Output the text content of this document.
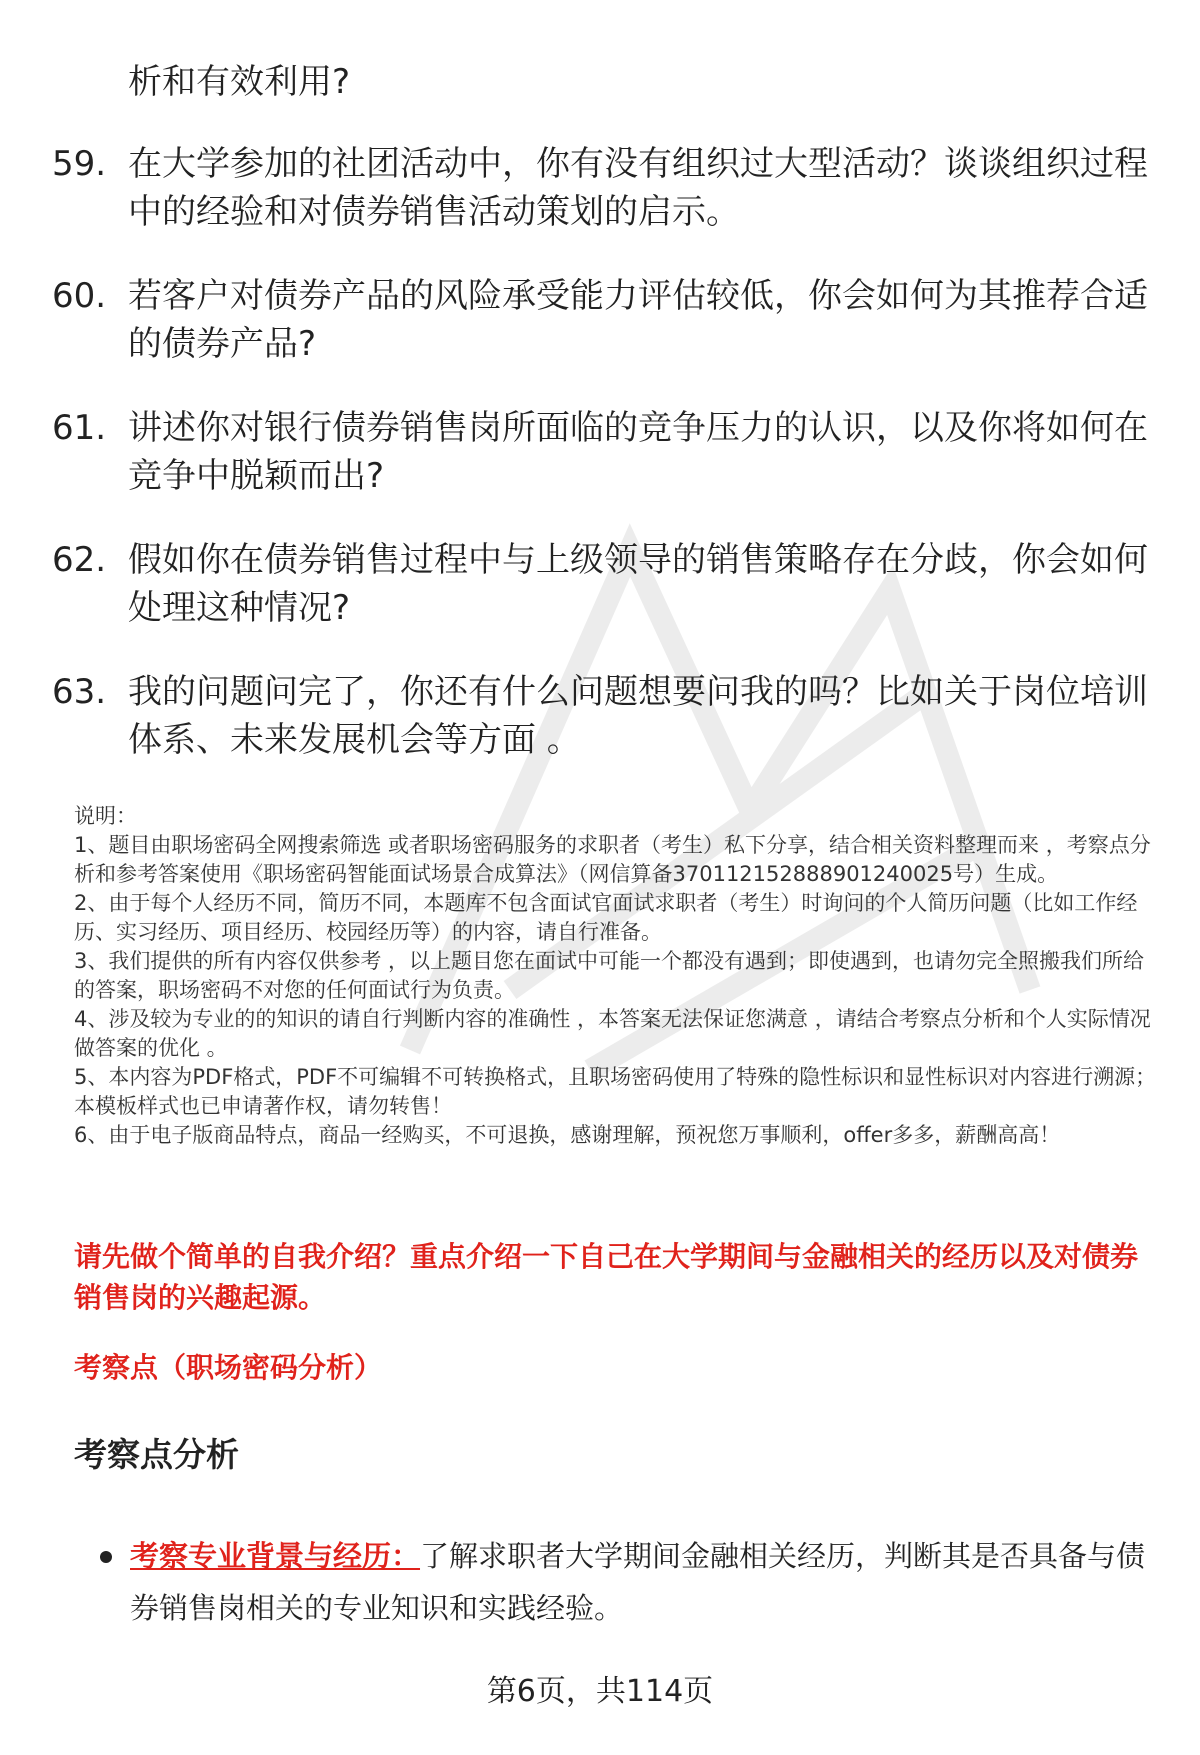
析和有效利用?

59. 在大学参加的社团活动中，你有没有组织过大型活动？谈谈组织过程中的经验和对债券销售活动策划的启示。

60. 若客户对债券产品的风险承受能力评估较低，你会如何为其推荐合适的债券产品?

61. 讲述你对银行债券销售岗所面临的竞争压力的认识，以及你将如何在竞争中脱颖而出?

62. 假如你在债券销售过程中与上级领导的销售策略存在分歧，你会如何处理这种情况?

63. 我的问题问完了，你还有什么问题想要问我的吗？比如关于岗位培训体系、未来发展机会等方面 。

说明：

1、题目由职场密码全网搜索筛选 或者职场密码服务的求职者（考生）私下分享，结合相关资料整理而来 ，考察点分析和参考答案使用《职场密码智能面试场景合成算法》（网信算备370112152888901240025号）生成。

2、由于每个人经历不同，简历不同，本题库不包含面试官面试求职者（考生）时询问的个人简历问题（比如工作经历、实习经历、项目经历、校园经历等）的内容，请自行准备。

3、我们提供的所有内容仅供参考 ，以上题目您在面试中可能一个都没有遇到；即使遇到，也请勿完全照搬我们所给的答案，职场密码不对您的任何面试行为负责。

4、涉及较为专业的的知识的请自行判断内容的准确性 ，本答案无法保证您满意 ，请结合考察点分析和个人实际情况做答案的优化 。

5、本内容为PDF格式，PDF不可编辑不可转换格式，且职场密码使用了特殊的隐性标识和显性标识对内容进行溯源；本模板样式也已申请著作权，请勿转售！

6、由于电子版商品特点，商品一经购买，不可退换，感谢理解，预祝您万事顺利，offer多多，薪酬高高！

请先做个简单的自我介绍？重点介绍一下自己在大学期间与金融相关的经历以及对债券销售岗的兴趣起源。

考察点（职场密码分析）

考察点分析

考察专业背景与经历：了解求职者大学期间金融相关经历，判断其是否具备与债券销售岗相关的专业知识和实践经验。

第6页，共114页
